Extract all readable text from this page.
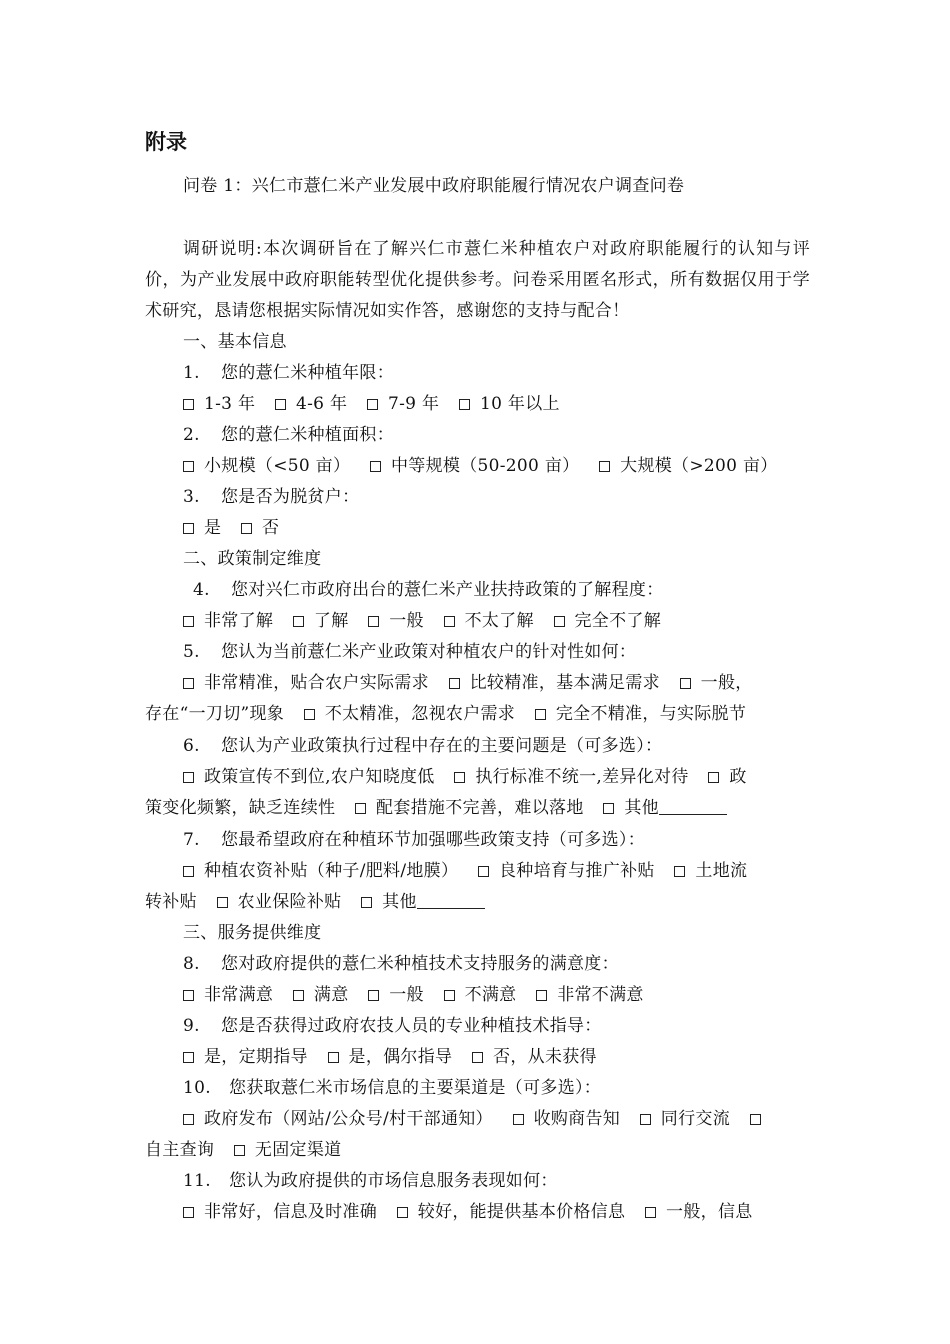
附录
问卷 1：兴仁市薏仁米产业发展中政府职能履行情况农户调查问卷

调研说明:本次调研旨在了解兴仁市薏仁米种植农户对政府职能履行的认知与评价，为产业发展中政府职能转型优化提供参考。问卷采用匿名形式，所有数据仅用于学术研究，恳请您根据实际情况如实作答，感谢您的支持与配合！

一、基本信息
1. 您的薏仁米种植年限：
1-3 年 4-6 年 7-9 年 10 年以上
2. 您的薏仁米种植面积：
小规模（<50 亩） 中等规模（50-200 亩） 大规模（>200 亩）
3. 您是否为脱贫户：
是 否
二、政策制定维度
4. 您对兴仁市政府出台的薏仁米产业扶持政策的了解程度：
非常了解 了解 一般 不太了解 完全不了解
5. 您认为当前薏仁米产业政策对种植农户的针对性如何：
非常精准，贴合农户实际需求 比较精准，基本满足需求 一般，
存在“一刀切”现象 不太精准，忽视农户需求 完全不精准，与实际脱节
6. 您认为产业政策执行过程中存在的主要问题是（可多选）：
政策宣传不到位,农户知晓度低 执行标准不统一,差异化对待 政
策变化频繁，缺乏连续性 配套措施不完善，难以落地 其他
7. 您最希望政府在种植环节加强哪些政策支持（可多选）：
种植农资补贴（种子/肥料/地膜） 良种培育与推广补贴 土地流
转补贴 农业保险补贴 其他
三、服务提供维度
8. 您对政府提供的薏仁米种植技术支持服务的满意度：
非常满意 满意 一般 不满意 非常不满意
9. 您是否获得过政府农技人员的专业种植技术指导：
是，定期指导 是，偶尔指导 否，从未获得
10. 您获取薏仁米市场信息的主要渠道是（可多选）：
政府发布（网站/公众号/村干部通知） 收购商告知 同行交流
自主查询 无固定渠道
11. 您认为政府提供的市场信息服务表现如何：
非常好，信息及时准确 较好，能提供基本价格信息 一般，信息
